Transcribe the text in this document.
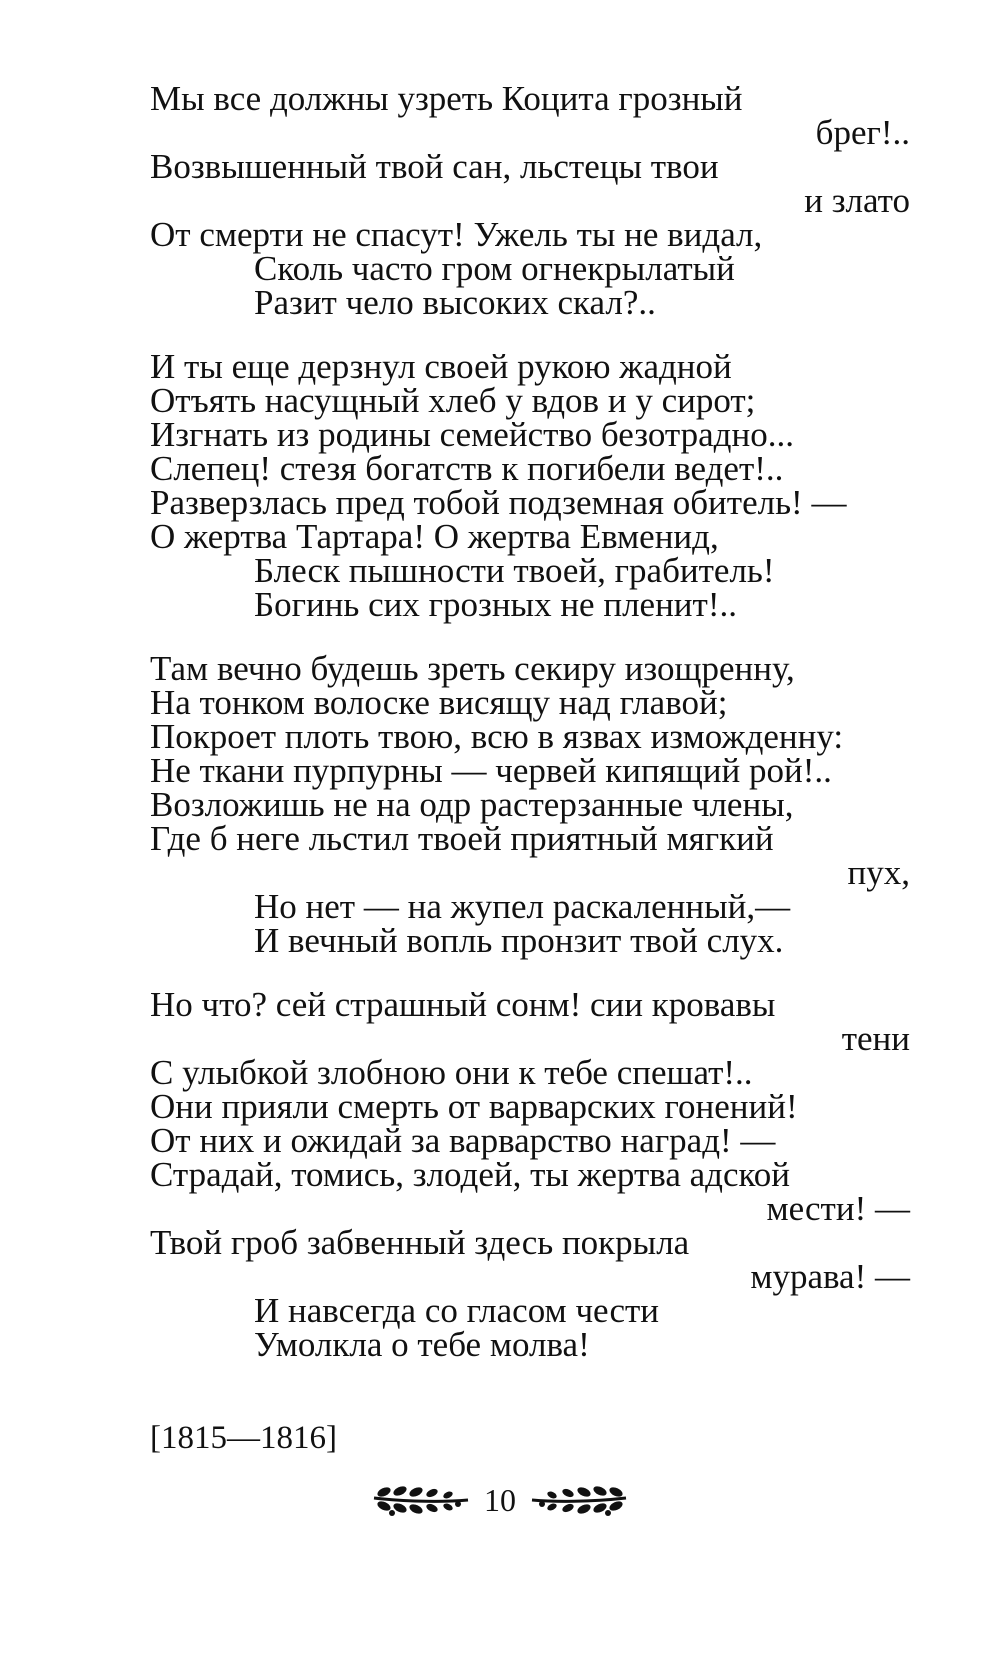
Мы все должны узреть Коцита грозный
брег!..
Возвышенный твой сан, льстецы твои
и злато
От смерти не спасут! Ужель ты не видал,
Сколь часто гром огнекрылатый
Разит чело высоких скал?..
И ты еще дерзнул своей рукою жадной
Отъять насущный хлеб у вдов и у сирот;
Изгнать из родины семейство безотрадно...
Слепец! стезя богатств к погибели ведет!..
Разверзлась пред тобой подземная обитель! —
О жертва Тартара! О жертва Евменид,
Блеск пышности твоей, грабитель!
Богинь сих грозных не пленит!..
Там вечно будешь зреть секиру изощренну,
На тонком волоске висящу над главой;
Покроет плоть твою, всю в язвах изможденну:
Не ткани пурпурны — червей кипящий рой!..
Возложишь не на одр растерзанные члены,
Где б неге льстил твоей приятный мягкий
пух,
Но нет — на жупел раскаленный,—
И вечный вопль пронзит твой слух.
Но что? сей страшный сонм! сии кровавы
тени
С улыбкой злобною они к тебе спешат!..
Они прияли смерть от варварских гонений!
От них и ожидай за варварство наград! —
Страдай, томись, злодей, ты жертва адской
мести! —
Твой гроб забвенный здесь покрыла
мурава! —
И навсегда со гласом чести
Умолкла о тебе молва!
[1815—1816]
10
